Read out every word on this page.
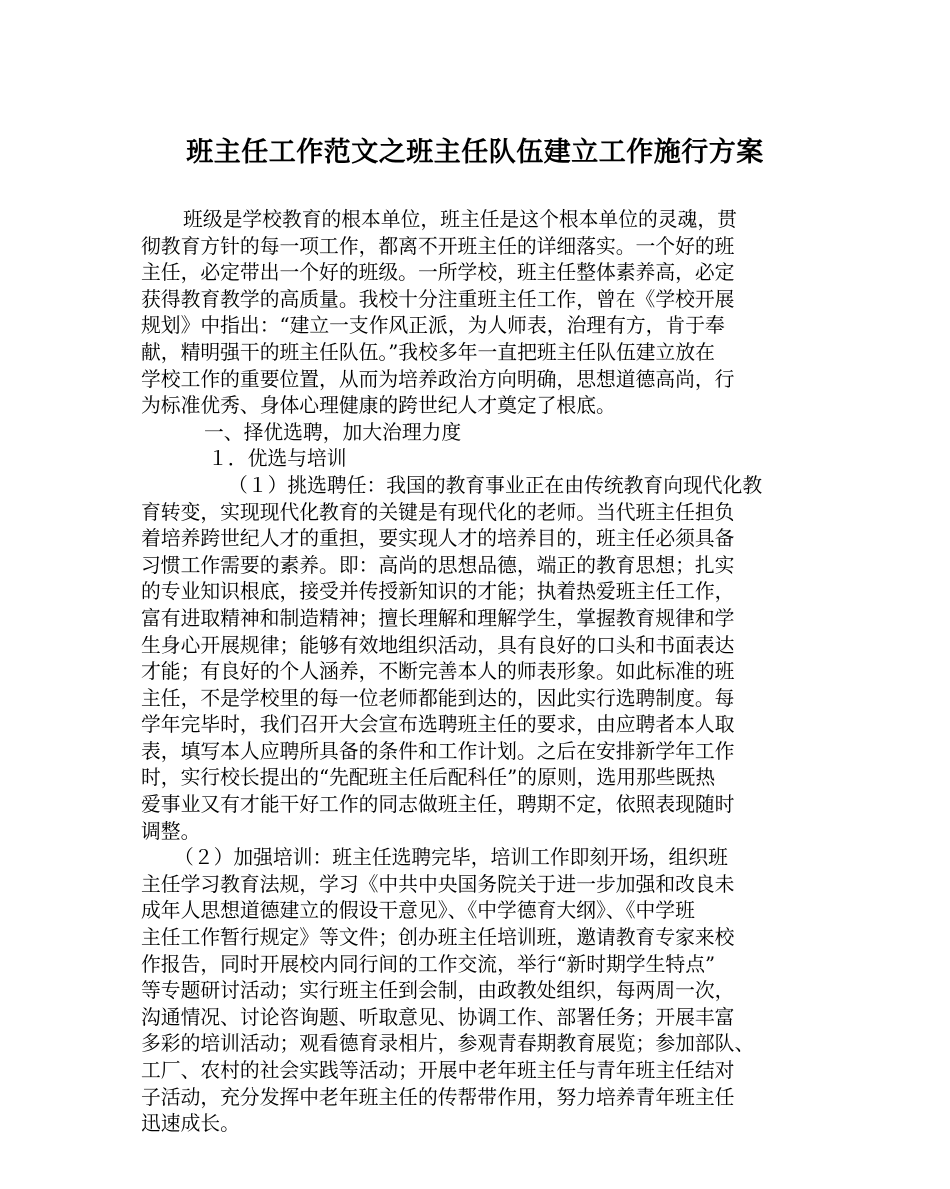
班主任工作范文之班主任队伍建立工作施行方案
班级是学校教育的根本单位，班主任是这个根本单位的灵魂，贯
彻教育方针的每一项工作，都离不开班主任的详细落实。一个好的班
主任，必定带出一个好的班级。一所学校，班主任整体素养高，必定
获得教育教学的高质量。我校十分注重班主任工作，曾在《学校开展
规划》中指出：“建立一支作风正派，为人师表，治理有方，肯于奉
献，精明强干的班主任队伍。”我校多年一直把班主任队伍建立放在
学校工作的重要位置，从而为培养政治方向明确，思想道德高尚，行
为标准优秀、身体心理健康的跨世纪人才奠定了根底。
一、择优选聘，加大治理力度
１．优选与培训
（１）挑选聘任：我国的教育事业正在由传统教育向现代化教
育转变，实现现代化教育的关键是有现代化的老师。当代班主任担负
着培养跨世纪人才的重担，要实现人才的培养目的，班主任必须具备
习惯工作需要的素养。即：高尚的思想品德，端正的教育思想；扎实
的专业知识根底，接受并传授新知识的才能；执着热爱班主任工作，
富有进取精神和制造精神；擅长理解和理解学生，掌握教育规律和学
生身心开展规律；能够有效地组织活动，具有良好的口头和书面表达
才能；有良好的个人涵养，不断完善本人的师表形象。如此标准的班
主任，不是学校里的每一位老师都能到达的，因此实行选聘制度。每
学年完毕时，我们召开大会宣布选聘班主任的要求，由应聘者本人取
表，填写本人应聘所具备的条件和工作计划。之后在安排新学年工作
时，实行校长提出的“先配班主任后配科任”的原则，选用那些既热
爱事业又有才能干好工作的同志做班主任，聘期不定，依照表现随时
调整。
（２）加强培训：班主任选聘完毕，培训工作即刻开场，组织班
主任学习教育法规，学习《中共中央国务院关于进一步加强和改良未
成年人思想道德建立的假设干意见》、《中学德育大纲》、《中学班
主任工作暂行规定》等文件；创办班主任培训班，邀请教育专家来校
作报告，同时开展校内同行间的工作交流，举行“新时期学生特点”
等专题研讨活动；实行班主任到会制，由政教处组织，每两周一次，
沟通情况、讨论咨询题、听取意见、协调工作、部署任务；开展丰富
多彩的培训活动；观看德育录相片，参观青春期教育展览；参加部队、
工厂、农村的社会实践等活动；开展中老年班主任与青年班主任结对
子活动，充分发挥中老年班主任的传帮带作用，努力培养青年班主任
迅速成长。
